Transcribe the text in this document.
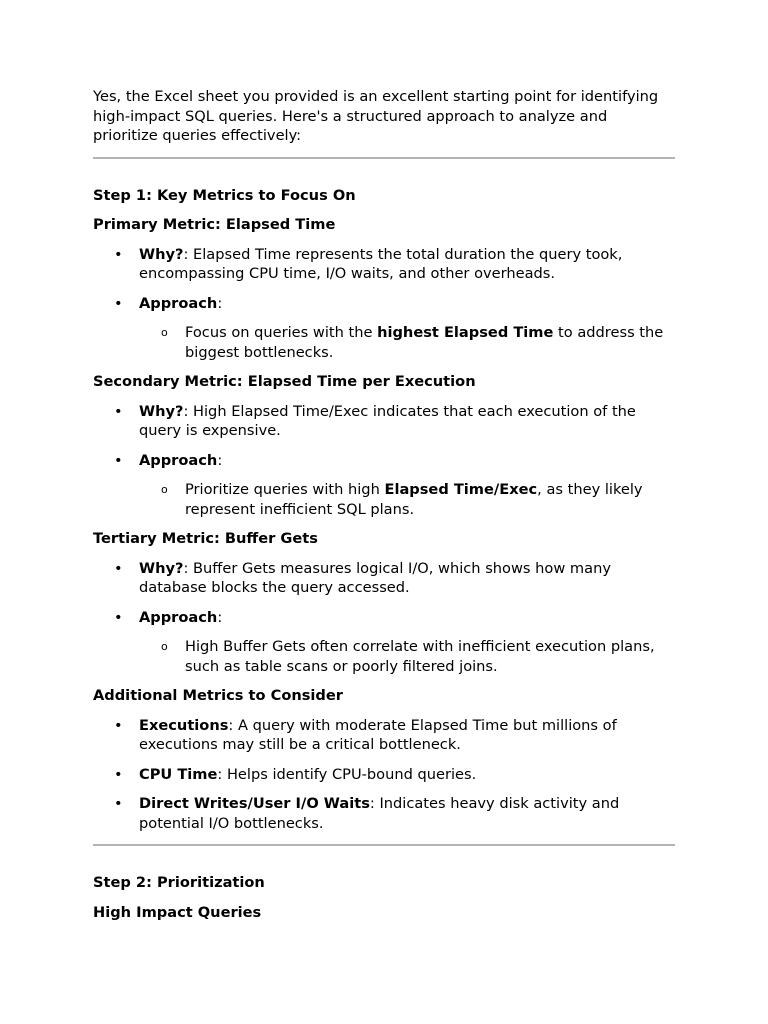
Yes, the Excel sheet you provided is an excellent starting point for identifying high-impact SQL queries. Here's a structured approach to analyze and prioritize queries effectively:

Step 1: Key Metrics to Focus On
Primary Metric: Elapsed Time
• Why?: Elapsed Time represents the total duration the query took, encompassing CPU time, I/O waits, and other overheads.
• Approach:
o Focus on queries with the highest Elapsed Time to address the biggest bottlenecks.
Secondary Metric: Elapsed Time per Execution
• Why?: High Elapsed Time/Exec indicates that each execution of the query is expensive.
• Approach:
o Prioritize queries with high Elapsed Time/Exec, as they likely represent inefficient SQL plans.
Tertiary Metric: Buffer Gets
• Why?: Buffer Gets measures logical I/O, which shows how many database blocks the query accessed.
• Approach:
o High Buffer Gets often correlate with inefficient execution plans, such as table scans or poorly filtered joins.
Additional Metrics to Consider
• Executions: A query with moderate Elapsed Time but millions of executions may still be a critical bottleneck.
• CPU Time: Helps identify CPU-bound queries.
• Direct Writes/User I/O Waits: Indicates heavy disk activity and potential I/O bottlenecks.
Step 2: Prioritization
High Impact Queries
